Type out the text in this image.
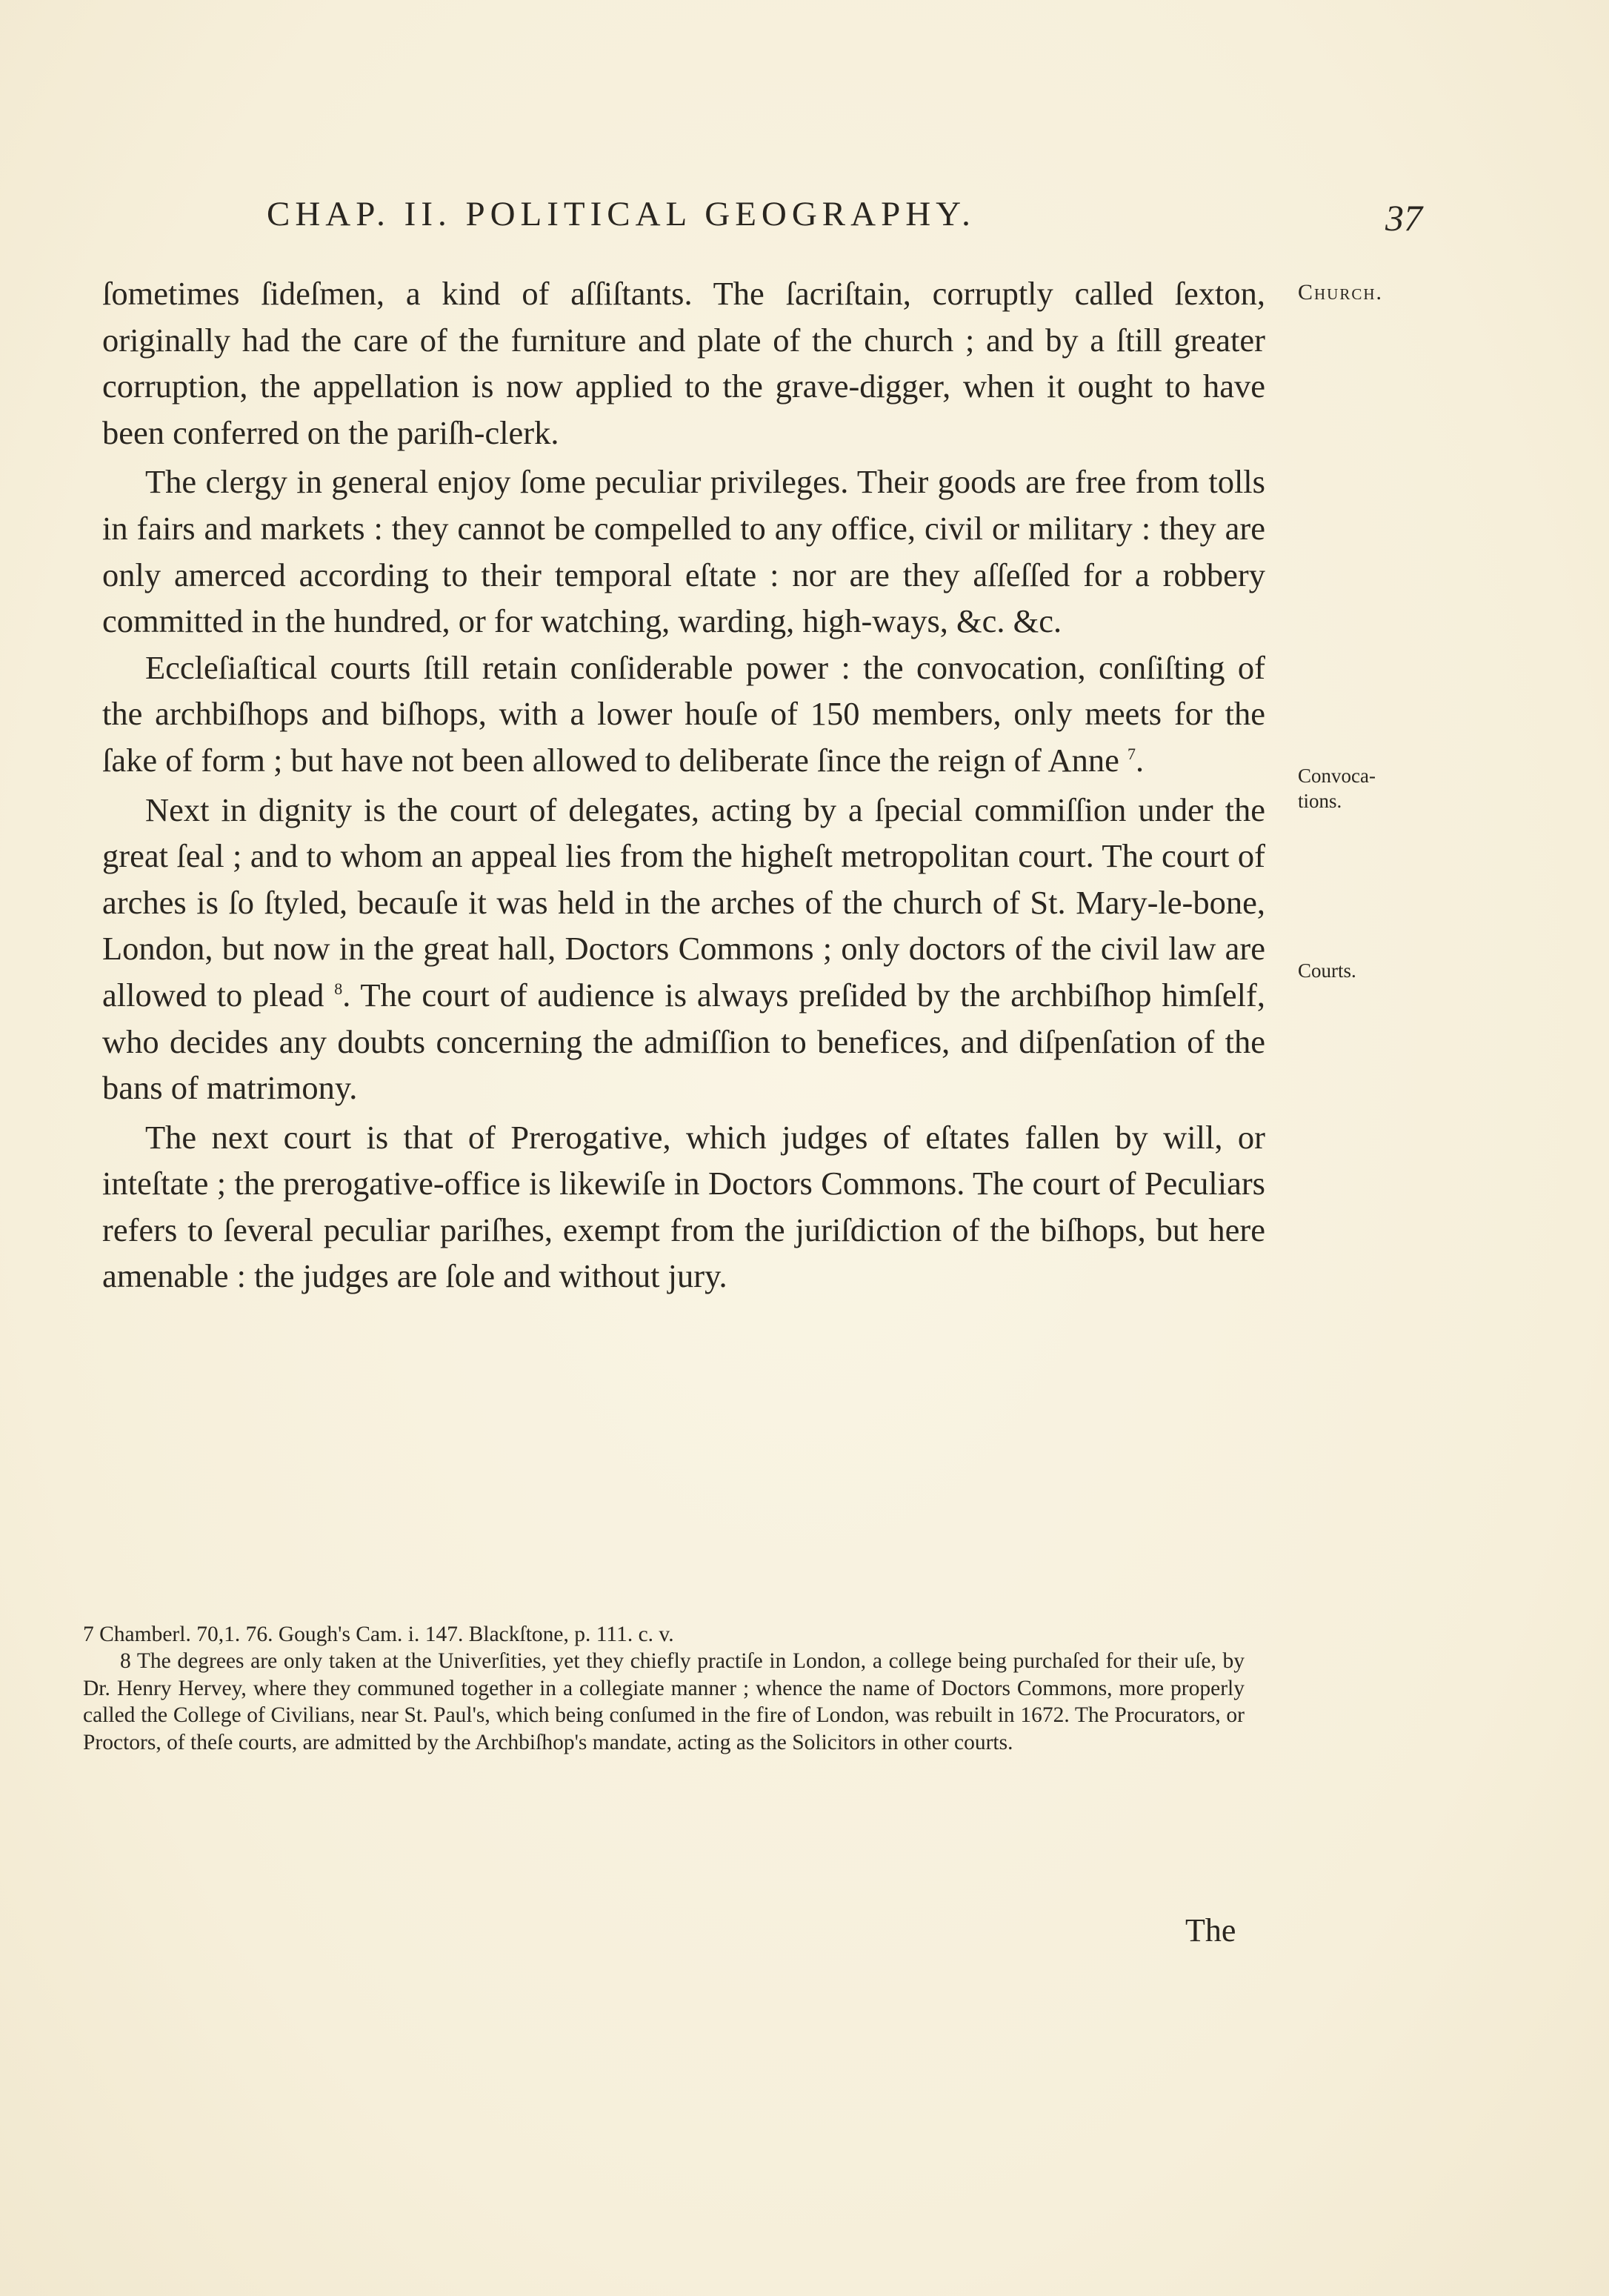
CHAP. II. POLITICAL GEOGRAPHY.	37
Church.
Convoca- tions.
Courts.

ſometimes ſideſmen, a kind of aſſiſtants. The ſacriſtain, corruptly called ſexton, originally had the care of the furniture and plate of the church ; and by a ſtill greater corruption, the appellation is now applied to the grave-digger, when it ought to have been conferred on the pariſh-clerk.

The clergy in general enjoy ſome peculiar privileges. Their goods are free from tolls in fairs and markets : they cannot be compelled to any office, civil or military : they are only amerced according to their temporal eſtate : nor are they aſſeſſed for a robbery committed in the hundred, or for watching, warding, high-ways, &c. &c.

Eccleſiaſtical courts ſtill retain conſiderable power : the convocation, conſiſting of the archbiſhops and biſhops, with a lower houſe of 150 members, only meets for the ſake of form ; but have not been allowed to deliberate ſince the reign of Anne $^7$.

Next in dignity is the court of delegates, acting by a ſpecial commiſſion under the great ſeal ; and to whom an appeal lies from the higheſt metropolitan court. The court of arches is ſo ſtyled, becauſe it was held in the arches of the church of St. Mary-le-bone, London, but now in the great hall, Doctors Commons ; only doctors of the civil law are allowed to plead $^8$. The court of audience is always preſided by the archbiſhop himſelf, who decides any doubts concerning the admiſſion to benefices, and diſpenſation of the bans of matrimony.

The next court is that of Prerogative, which judges of eſtates fallen by will, or inteſtate ; the prerogative-office is likewiſe in Doctors Commons. The court of Peculiars refers to ſeveral peculiar pariſhes, exempt from the juriſdiction of the biſhops, but here amenable : the judges are ſole and without jury.

7 Chamberl. 70,1. 76. Gough's Cam. i. 147. Blackſtone, p. 111. c. v.

8 The degrees are only taken at the Univerſities, yet they chiefly practiſe in London, a college being purchaſed for their uſe, by Dr. Henry Hervey, where they communed together in a collegiate manner ; whence the name of Doctors Commons, more properly called the College of Civilians, near St. Paul's, which being conſumed in the fire of London, was rebuilt in 1672. The Procurators, or Proctors, of theſe courts, are admitted by the Archbiſhop's mandate, acting as the Solicitors in other courts.

The
